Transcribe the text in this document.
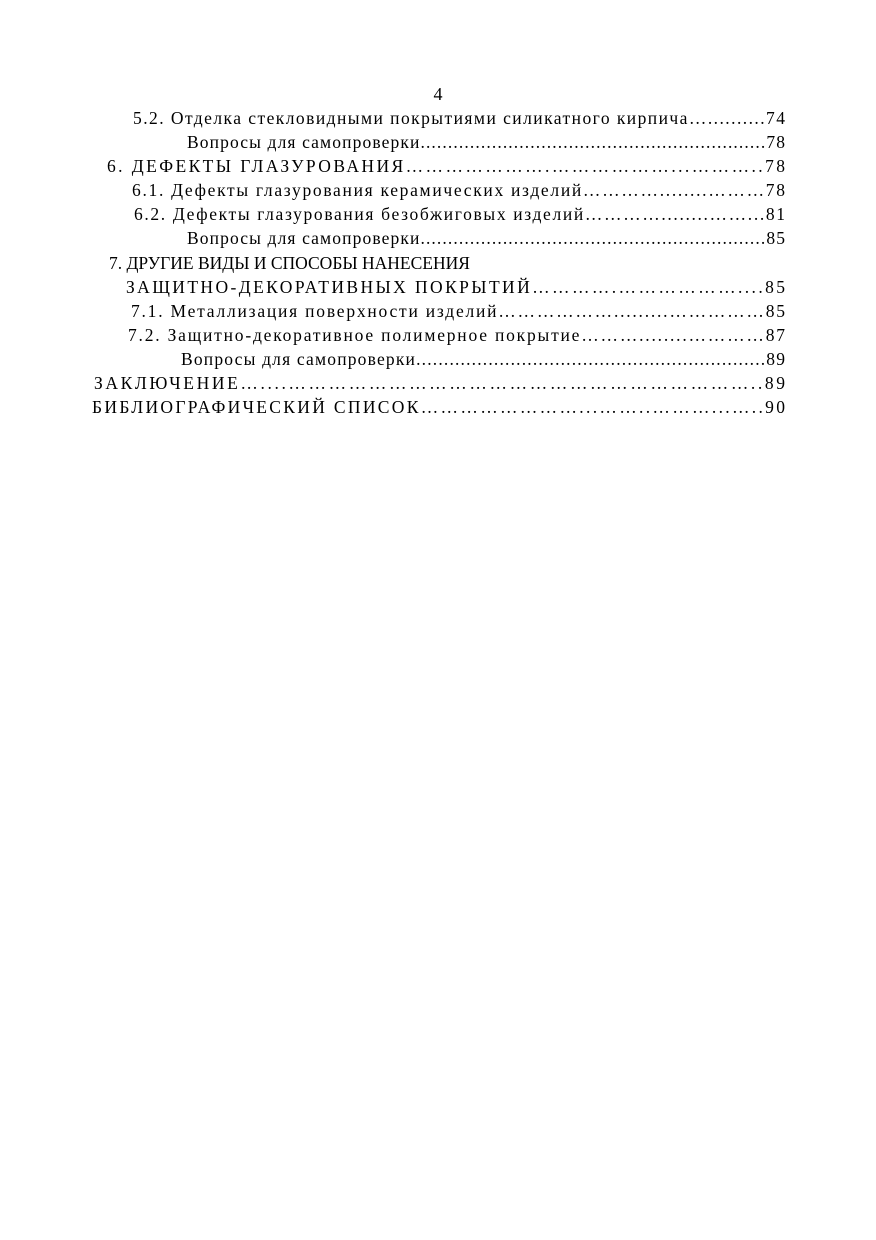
4
5.2. Отделка стекловидными покрытиями силикатного кирпича…..........74
Вопросы для самопроверки...............................................................78
6. ДЕФЕКТЫ ГЛАЗУРОВАНИЯ………………….………………...………..78
6.1. Дефекты глазурования керамических изделий…………........………78
6.2. Дефекты глазурования безобжиговых изделий…………........……...81
Вопросы для самопроверки...............................................................85
7. ДРУГИЕ ВИДЫ И СПОСОБЫ НАНЕСЕНИЯ
ЗАЩИТНО-ДЕКОРАТИВНЫХ ПОКРЫТИЙ………….………………....85
7.1. Металлизация поверхности изделий……………….........……………85
7.2. Защитно-декоративное полимерное покрытие………........…………87
Вопросы для самопроверки...............................................................89
ЗАКЛЮЧЕНИЕ…....……………………………………………………………..89
БИБЛИОГРАФИЧЕСКИЙ СПИСОК……………………...……..………...…..90
